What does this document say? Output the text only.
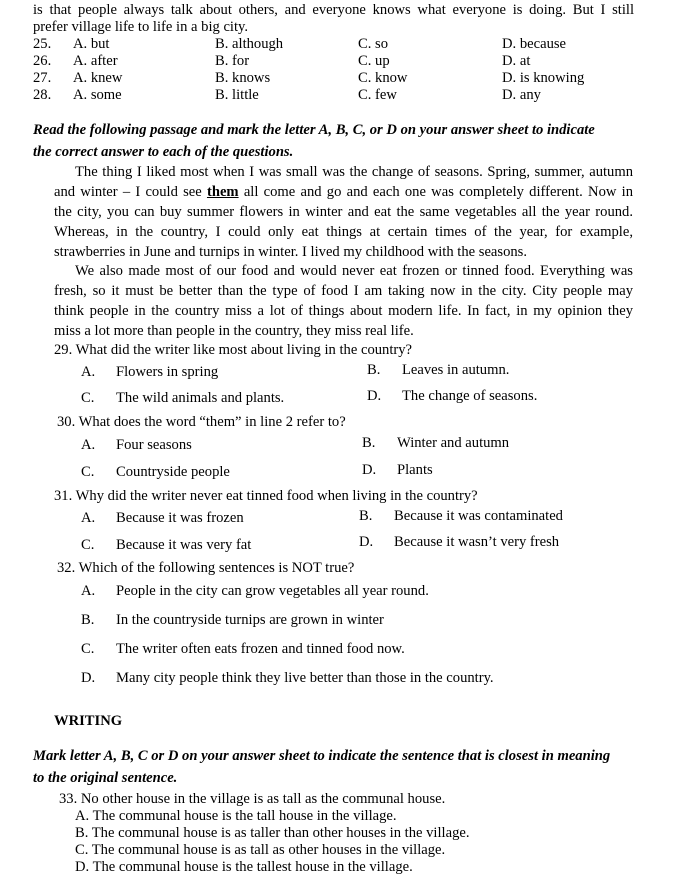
is that people always talk about others, and everyone knows what everyone is doing. But I still
prefer village life to life in a big city.
25. A. but	B. although	C. so	D. because
26. A. after	B. for	C. up	D. at
27. A. knew	B. knows	C. know	D. is knowing
28. A. some	B. little	C. few	D. any
Read the following passage and mark the letter A, B, C, or D on your answer sheet to indicate
the correct answer to each of the questions.
The thing I liked most when I was small was the change of seasons. Spring, summer, autumn
and winter – I could see them all come and go and each one was completely different. Now in
the city, you can buy summer flowers in winter and eat the same vegetables all the year round.
Whereas, in the country, I could only eat things at certain times of the year, for example,
strawberries in June and turnips in winter. I lived my childhood with the seasons.
We also made most of our food and would never eat frozen or tinned food. Everything was
fresh, so it must be better than the type of food I am taking now in the city. City people may
think people in the country miss a lot of things about modern life. In fact, in my opinion they
miss a lot more than people in the country, they miss real life.
29. What did the writer like most about living in the country?
A. Flowers in spring	B. Leaves in autumn.
C. The wild animals and plants.	D. The change of seasons.
30. What does the word “them” in line 2 refer to?
A. Four seasons	B. Winter and autumn
C. Countryside people	D. Plants
31. Why did the writer never eat tinned food when living in the country?
A. Because it was frozen	B. Because it was contaminated
C. Because it was very fat	D. Because it wasn’t very fresh
32. Which of the following sentences is NOT true?
A. People in the city can grow vegetables all year round.
B. In the countryside turnips are grown in winter
C. The writer often eats frozen and tinned food now.
D. Many city people think they live better than those in the country.
WRITING
Mark letter A, B, C or D on your answer sheet to indicate the sentence that is closest in meaning
to the original sentence.
33. No other house in the village is as tall as the communal house.
A. The communal house is the tall house in the village.
B. The communal house is as taller than other houses in the village.
C. The communal house is as tall as other houses in the village.
D. The communal house is the tallest house in the village.
